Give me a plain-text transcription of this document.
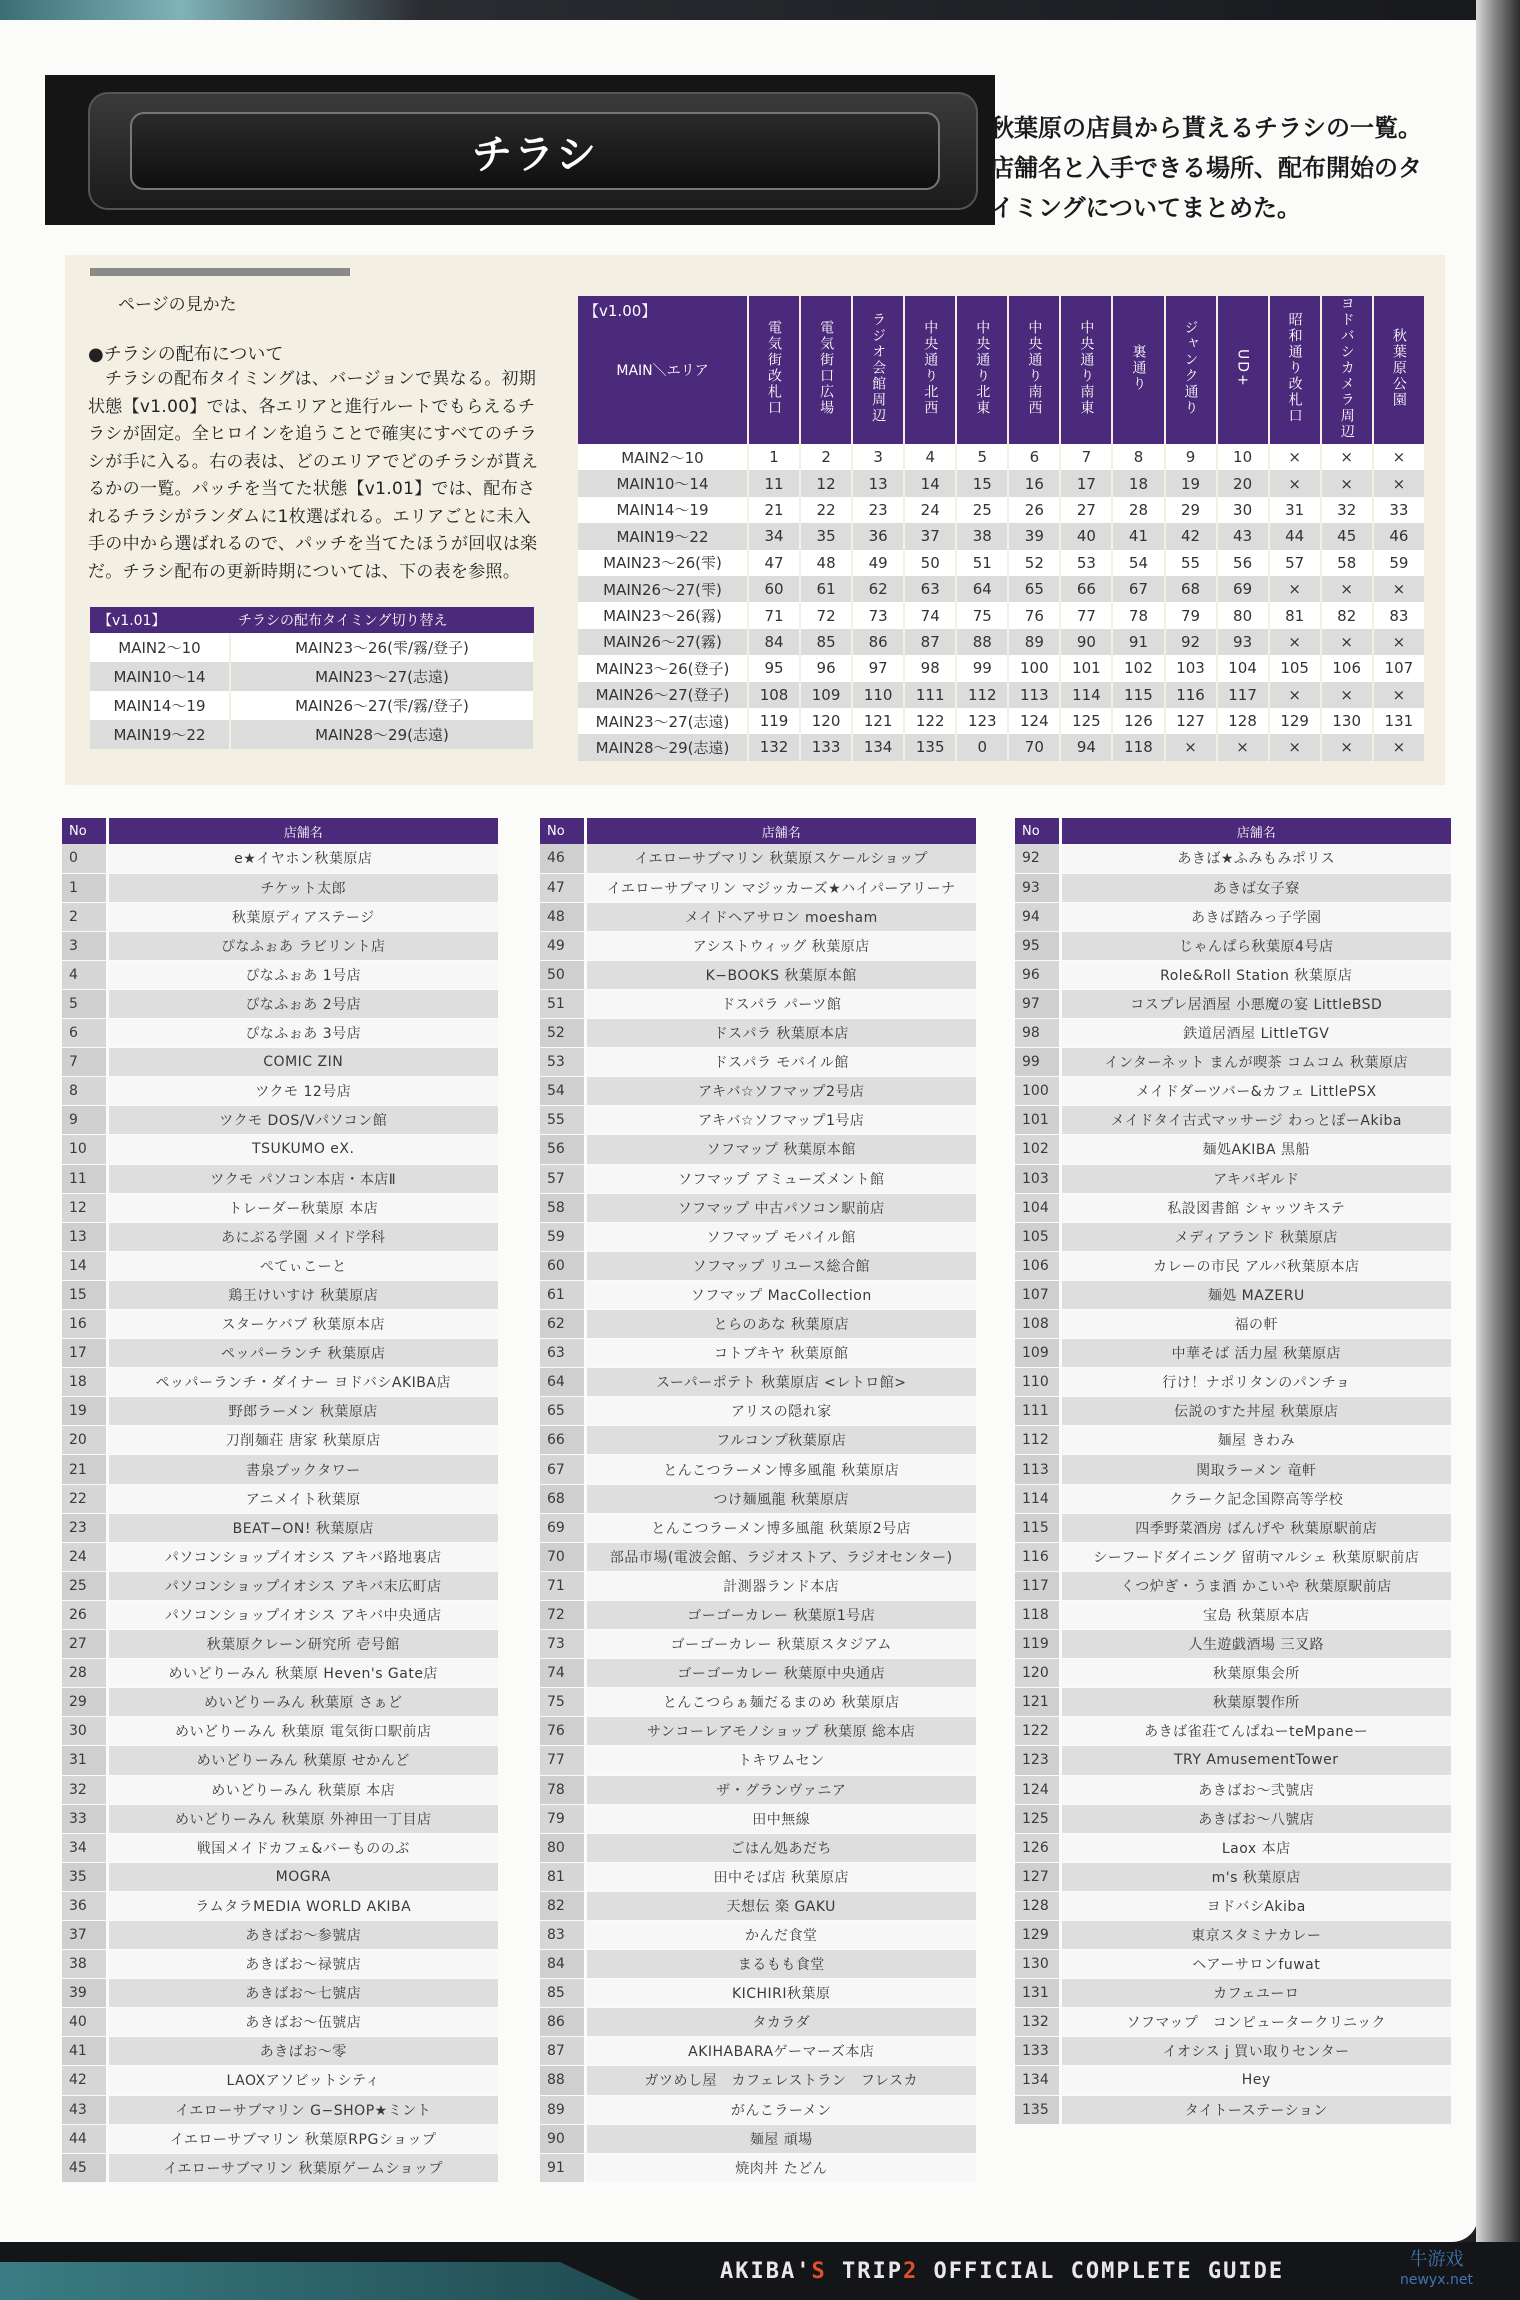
チラシ
秋葉原の店員から貰えるチラシの一覧。店舗名と入手できる場所、配布開始のタイミングについてまとめた。
ページの見かた
●チラシの配布について
チラシの配布タイミングは、バージョンで異なる。初期状態【v1.00】では、各エリアと進行ルートでもらえるチラシが固定。全ヒロインを追うことで確実にすべてのチラシが手に入る。右の表は、どのエリアでどのチラシが貰えるかの一覧。パッチを当てた状態【v1.01】では、配布されるチラシがランダムに1枚選ばれる。エリアごとに未入手の中から選ばれるので、パッチを当てたほうが回収は楽だ。チラシ配布の更新時期については、下の表を参照。
【v1.01】	チラシの配布タイミング切り替え
MAIN2〜10	MAIN23〜26(雫/霧/登子)
MAIN10〜14	MAIN23〜27(志遠)
MAIN14〜19	MAIN26〜27(雫/霧/登子)
MAIN19〜22	MAIN28〜29(志遠)
【v1.00】
MAIN＼エリア	電気街改札口	電気街口広場	ラジオ会館周辺	中央通り北西	中央通り北東	中央通り南西	中央通り南東	裏通り	ジャンク通り	UD+	昭和通り改札口	ヨドバシカメラ周辺	秋葉原公園
MAIN2〜10	1	2	3	4	5	6	7	8	9	10	×	×	×
MAIN10〜14	11	12	13	14	15	16	17	18	19	20	×	×	×
MAIN14〜19	21	22	23	24	25	26	27	28	29	30	31	32	33
MAIN19〜22	34	35	36	37	38	39	40	41	42	43	44	45	46
MAIN23〜26(雫)	47	48	49	50	51	52	53	54	55	56	57	58	59
MAIN26〜27(雫)	60	61	62	63	64	65	66	67	68	69	×	×	×
MAIN23〜26(霧)	71	72	73	74	75	76	77	78	79	80	81	82	83
MAIN26〜27(霧)	84	85	86	87	88	89	90	91	92	93	×	×	×
MAIN23〜26(登子)	95	96	97	98	99	100	101	102	103	104	105	106	107
MAIN26〜27(登子)	108	109	110	111	112	113	114	115	116	117	×	×	×
MAIN23〜27(志遠)	119	120	121	122	123	124	125	126	127	128	129	130	131
MAIN28〜29(志遠)	132	133	134	135	0	70	94	118	×	×	×	×	×
No	店舗名
0	e★イヤホン秋葉原店
1	チケット太郎
2	秋葉原ディアステージ
3	ぴなふぉあ ラビリント店
4	ぴなふぉあ 1号店
5	ぴなふぉあ 2号店
6	ぴなふぉあ 3号店
7	COMIC ZIN
8	ツクモ 12号店
9	ツクモ DOS/Vパソコン館
10	TSUKUMO eX.
11	ツクモ パソコン本店・本店Ⅱ
12	トレーダー秋葉原 本店
13	あにぶる学園 メイド学科
14	ぺてぃこーと
15	鶏王けいすけ 秋葉原店
16	スターケバブ 秋葉原本店
17	ペッパーランチ 秋葉原店
18	ペッパーランチ・ダイナー ヨドバシAKIBA店
19	野郎ラーメン 秋葉原店
20	刀削麺荘 唐家 秋葉原店
21	書泉ブックタワー
22	アニメイト秋葉原
23	BEAT−ON! 秋葉原店
24	パソコンショップイオシス アキバ路地裏店
25	パソコンショップイオシス アキバ末広町店
26	パソコンショップイオシス アキバ中央通店
27	秋葉原クレーン研究所 壱号館
28	めいどりーみん 秋葉原 Heven's Gate店
29	めいどりーみん 秋葉原 さぁど
30	めいどりーみん 秋葉原 電気街口駅前店
31	めいどりーみん 秋葉原 せかんど
32	めいどりーみん 秋葉原 本店
33	めいどりーみん 秋葉原 外神田一丁目店
34	戦国メイドカフェ&バーもののぶ
35	MOGRA
36	ラムタラMEDIA WORLD AKIBA
37	あきばお〜参號店
38	あきばお〜禄號店
39	あきばお〜七號店
40	あきばお〜伍號店
41	あきばお〜零
42	LAOXアソビットシティ
43	イエローサブマリン G−SHOP★ミント
44	イエローサブマリン 秋葉原RPGショップ
45	イエローサブマリン 秋葉原ゲームショップ
No	店舗名
46	イエローサブマリン 秋葉原スケールショップ
47	イエローサブマリン マジッカーズ★ハイパーアリーナ
48	メイドヘアサロン moesham
49	アシストウィッグ 秋葉原店
50	K−BOOKS 秋葉原本館
51	ドスパラ パーツ館
52	ドスパラ 秋葉原本店
53	ドスパラ モバイル館
54	アキバ☆ソフマップ2号店
55	アキバ☆ソフマップ1号店
56	ソフマップ 秋葉原本館
57	ソフマップ アミューズメント館
58	ソフマップ 中古パソコン駅前店
59	ソフマップ モバイル館
60	ソフマップ リユース総合館
61	ソフマップ MacCollection
62	とらのあな 秋葉原店
63	コトブキヤ 秋葉原館
64	スーパーポテト 秋葉原店 <レトロ館>
65	アリスの隠れ家
66	フルコンプ秋葉原店
67	とんこつラーメン博多風龍 秋葉原店
68	つけ麺風龍 秋葉原店
69	とんこつラーメン博多風龍 秋葉原2号店
70	部品市場(電波会館、ラジオストア、ラジオセンター)
71	計測器ランド本店
72	ゴーゴーカレー 秋葉原1号店
73	ゴーゴーカレー 秋葉原スタジアム
74	ゴーゴーカレー 秋葉原中央通店
75	とんこつらぁ麺だるまのめ 秋葉原店
76	サンコーレアモノショップ 秋葉原 総本店
77	トキワムセン
78	ザ・グランヴァニア
79	田中無線
80	ごはん処あだち
81	田中そば店 秋葉原店
82	天想伝 楽 GAKU
83	かんだ食堂
84	まるもも食堂
85	KICHIRI秋葉原
86	タカラダ
87	AKIHABARAゲーマーズ本店
88	ガツめし屋　カフェレストラン　フレスカ
89	がんこラーメン
90	麺屋 頑場
91	焼肉丼 たどん
No	店舗名
92	あきば★ふみもみポリス
93	あきば女子寮
94	あきば踏みっ子学園
95	じゃんぱら秋葉原4号店
96	Role&Roll Station 秋葉原店
97	コスプレ居酒屋 小悪魔の宴 LittleBSD
98	鉄道居酒屋 LittleTGV
99	インターネット まんが喫茶 コムコム 秋葉原店
100	メイドダーツバー&カフェ LittlePSX
101	メイドタイ古式マッサージ わっとぽーAkiba
102	麺処AKIBA 黒船
103	アキバギルド
104	私設図書館 シャッツキステ
105	メディアランド 秋葉原店
106	カレーの市民 アルバ秋葉原本店
107	麺処 MAZERU
108	福の軒
109	中華そば 活力屋 秋葉原店
110	行け！ナポリタンのパンチョ
111	伝説のすた丼屋 秋葉原店
112	麺屋 きわみ
113	関取ラーメン 竜軒
114	クラーク記念国際高等学校
115	四季野菜酒房 ばんげや 秋葉原駅前店
116	シーフードダイニング 留萌マルシェ 秋葉原駅前店
117	くつ炉ぎ・うま酒 かこいや 秋葉原駅前店
118	宝島 秋葉原本店
119	人生遊戯酒場 三叉路
120	秋葉原集会所
121	秋葉原製作所
122	あきば雀荘てんぱねーteMpaneー
123	TRY AmusementTower
124	あきばお〜弐號店
125	あきばお〜八號店
126	Laox 本店
127	m's 秋葉原店
128	ヨドバシAkiba
129	東京スタミナカレー
130	ヘアーサロンfuwat
131	カフェユーロ
132	ソフマップ　コンピュータークリニック
133	イオシス j 買い取りセンター
134	Hey
135	タイトーステーション
AKIBA'S TRIP2 OFFICIAL COMPLETE GUIDE	牛游戏
newyx.net
